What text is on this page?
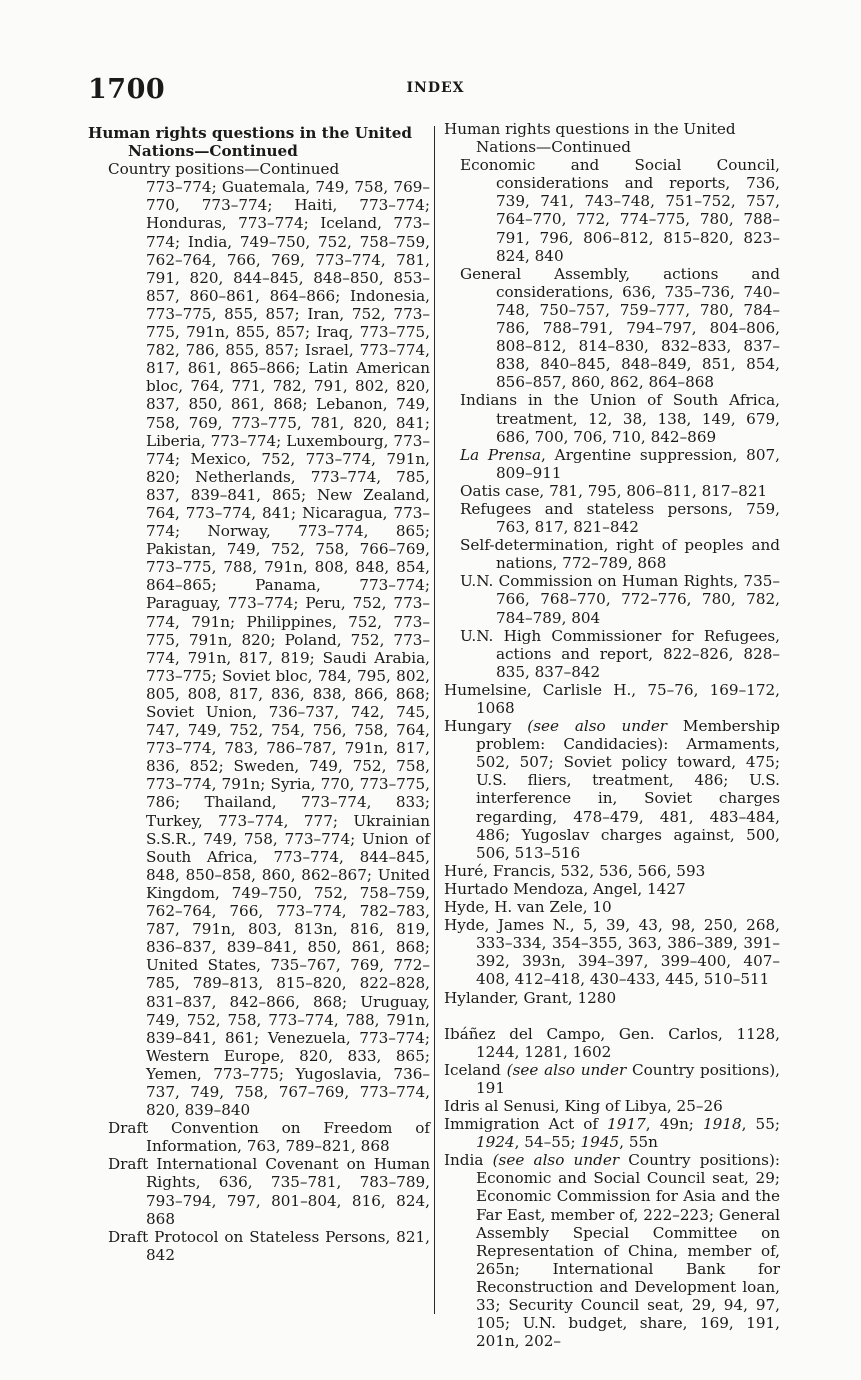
1700	INDEX

Human rights questions in the United

Nations—Continued

Country positions—Continued

773–774; Guatemala, 749, 758, 769–770, 773–774; Haiti, 773–774; Honduras, 773–774; Iceland, 773–774; India, 749–750, 752, 758–759, 762–764, 766, 769, 773–774, 781, 791, 820, 844–845, 848–850, 853–857, 860–861, 864–866; Indonesia, 773–775, 855, 857; Iran, 752, 773–775, 791n, 855, 857; Iraq, 773–775, 782, 786, 855, 857; Israel, 773–774, 817, 861, 865–866; Latin American bloc, 764, 771, 782, 791, 802, 820, 837, 850, 861, 868; Lebanon, 749, 758, 769, 773–775, 781, 820, 841; Liberia, 773–774; Luxembourg, 773–774; Mexico, 752, 773–774, 791n, 820; Netherlands, 773–774, 785, 837, 839–841, 865; New Zealand, 764, 773–774, 841; Nicaragua, 773–774; Norway, 773–774, 865; Pakistan, 749, 752, 758, 766–769, 773–775, 788, 791n, 808, 848, 854, 864–865; Panama, 773–774; Paraguay, 773–774; Peru, 752, 773–774, 791n; Philippines, 752, 773–775, 791n, 820; Poland, 752, 773–774, 791n, 817, 819; Saudi Arabia, 773–775; Soviet bloc, 784, 795, 802, 805, 808, 817, 836, 838, 866, 868; Soviet Union, 736–737, 742, 745, 747, 749, 752, 754, 756, 758, 764, 773–774, 783, 786–787, 791n, 817, 836, 852; Sweden, 749, 752, 758, 773–774, 791n; Syria, 770, 773–775, 786; Thailand, 773–774, 833; Turkey, 773–774, 777; Ukrainian S.S.R., 749, 758, 773–774; Union of South Africa, 773–774, 844–845, 848, 850–858, 860, 862–867; United Kingdom, 749–750, 752, 758–759, 762–764, 766, 773–774, 782–783, 787, 791n, 803, 813n, 816, 819, 836–837, 839–841, 850, 861, 868; United States, 735–767, 769, 772–785, 789–813, 815–820, 822–828, 831–837, 842–866, 868; Uruguay, 749, 752, 758, 773–774, 788, 791n, 839–841, 861; Venezuela, 773–774; Western Europe, 820, 833, 865; Yemen, 773–775; Yugoslavia, 736–737, 749, 758, 767–769, 773–774, 820, 839–840

Draft Convention on Freedom of Information, 763, 789–821, 868

Draft International Covenant on Human Rights, 636, 735–781, 783–789, 793–794, 797, 801–804, 816, 824, 868

Draft Protocol on Stateless Persons, 821, 842

Human rights questions in the United

Nations—Continued

Economic and Social Council, considerations and reports, 736, 739, 741, 743–748, 751–752, 757, 764–770, 772, 774–775, 780, 788–791, 796, 806–812, 815–820, 823–824, 840

General Assembly, actions and considerations, 636, 735–736, 740–748, 750–757, 759–777, 780, 784–786, 788–791, 794–797, 804–806, 808–812, 814–830, 832–833, 837–838, 840–845, 848–849, 851, 854, 856–857, 860, 862, 864–868

Indians in the Union of South Africa, treatment, 12, 38, 138, 149, 679, 686, 700, 706, 710, 842–869

La Prensa, Argentine suppression, 807, 809–911

Oatis case, 781, 795, 806–811, 817–821

Refugees and stateless persons, 759, 763, 817, 821–842

Self-determination, right of peoples and nations, 772–789, 868

U.N. Commission on Human Rights, 735–766, 768–770, 772–776, 780, 782, 784–789, 804

U.N. High Commissioner for Refugees, actions and report, 822–826, 828–835, 837–842

Humelsine, Carlisle H., 75–76, 169–172, 1068

Hungary (see also under Membership problem: Candidacies): Armaments, 502, 507; Soviet policy toward, 475; U.S. fliers, treatment, 486; U.S. interference in, Soviet charges regarding, 478–479, 481, 483–484, 486; Yugoslav charges against, 500, 506, 513–516

Huré, Francis, 532, 536, 566, 593

Hurtado Mendoza, Angel, 1427

Hyde, H. van Zele, 10

Hyde, James N., 5, 39, 43, 98, 250, 268, 333–334, 354–355, 363, 386–389, 391–392, 393n, 394–397, 399–400, 407–408, 412–418, 430–433, 445, 510–511

Hylander, Grant, 1280

Ibáñez del Campo, Gen. Carlos, 1128, 1244, 1281, 1602

Iceland (see also under Country positions), 191

Idris al Senusi, King of Libya, 25–26

Immigration Act of 1917, 49n; 1918, 55; 1924, 54–55; 1945, 55n

India (see also under Country positions): Economic and Social Council seat, 29; Economic Commission for Asia and the Far East, member of, 222–223; General Assembly Special Committee on Representation of China, member of, 265n; International Bank for Reconstruction and Development loan, 33; Security Council seat, 29, 94, 97, 105; U.N. budget, share, 169, 191, 201n, 202–
